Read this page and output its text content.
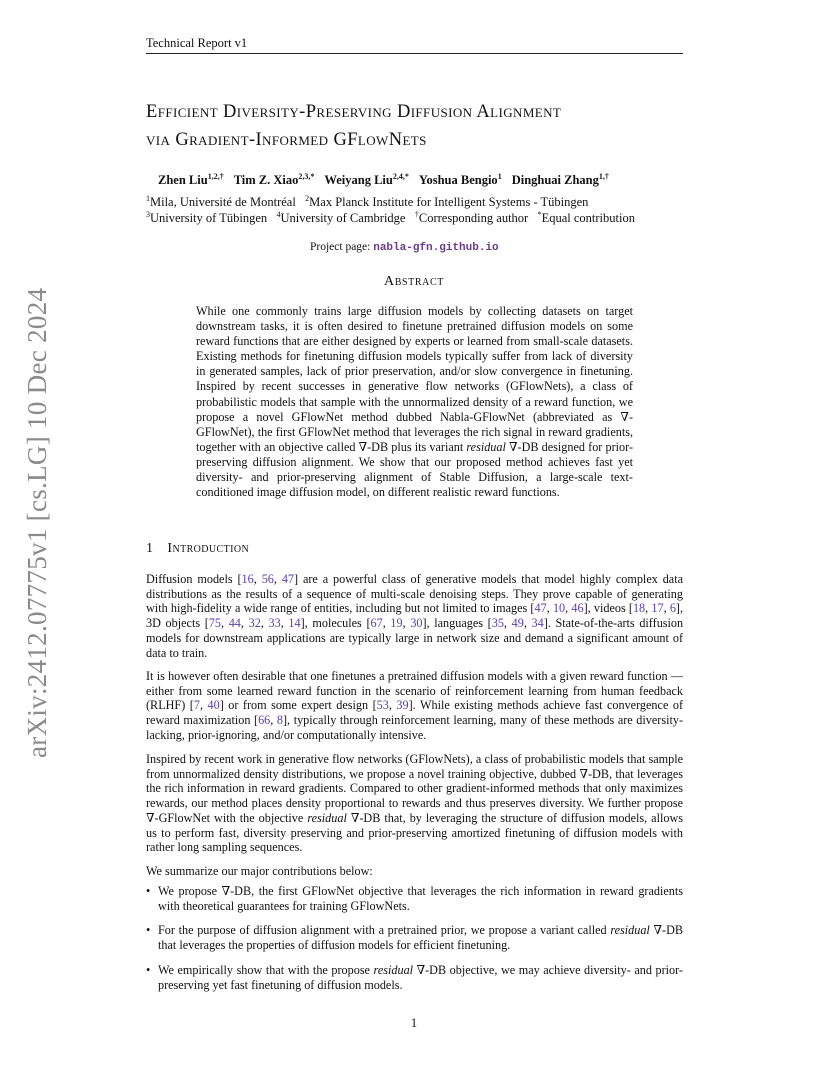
Technical Report v1
arXiv:2412.07775v1 [cs.LG] 10 Dec 2024
Efficient Diversity-Preserving Diffusion Alignment
via Gradient-Informed GFlowNets
Zhen Liu$^{1,2,\dagger}$ Tim Z. Xiao$^{2,3,*}$ Weiyang Liu$^{2,4,*}$ Yoshua Bengio$^1$ Dinghuai Zhang$^{1,\dagger}$
$^1$Mila, Université de Montréal $^2$Max Planck Institute for Intelligent Systems - Tübingen
$^3$University of Tübingen $^4$University of Cambridge †Corresponding author *Equal contribution
Project page: nabla-gfn.github.io
Abstract
While one commonly trains large diffusion models by collecting datasets on target downstream tasks, it is often desired to finetune pretrained diffusion models on some reward functions that are either designed by experts or learned from small-scale datasets. Existing methods for finetuning diffusion models typically suffer from lack of diversity in generated samples, lack of prior preservation, and/or slow convergence in finetuning. Inspired by recent successes in generative flow networks (GFlowNets), a class of probabilistic models that sample with the unnormalized density of a reward function, we propose a novel GFlowNet method dubbed Nabla-GFlowNet (abbreviated as ∇-GFlowNet), the first GFlowNet method that leverages the rich signal in reward gradients, together with an objective called ∇-DB plus its variant residual ∇-DB designed for prior-preserving diffusion alignment. We show that our proposed method achieves fast yet diversity- and prior-preserving alignment of Stable Diffusion, a large-scale text-conditioned image diffusion model, on different realistic reward functions.
1 Introduction

Diffusion models [16, 56, 47] are a powerful class of generative models that model highly complex data distributions as the results of a sequence of multi-scale denoising steps. They prove capable of generating with high-fidelity a wide range of entities, including but not limited to images [47, 10, 46], videos [18, 17, 6], 3D objects [75, 44, 32, 33, 14], molecules [67, 19, 30], languages [35, 49, 34]. State-of-the-arts diffusion models for downstream applications are typically large in network size and demand a significant amount of data to train.

It is however often desirable that one finetunes a pretrained diffusion models with a given reward function — either from some learned reward function in the scenario of reinforcement learning from human feedback (RLHF) [7, 40] or from some expert design [53, 39]. While existing methods achieve fast convergence of reward maximization [66, 8], typically through reinforcement learning, many of these methods are diversity-lacking, prior-ignoring, and/or computationally intensive.

Inspired by recent work in generative flow networks (GFlowNets), a class of probabilistic models that sample from unnormalized density distributions, we propose a novel training objective, dubbed ∇-DB, that leverages the rich information in reward gradients. Compared to other gradient-informed methods that only maximizes rewards, our method places density proportional to rewards and thus preserves diversity. We further propose ∇-GFlowNet with the objective residual ∇-DB that, by leveraging the structure of diffusion models, allows us to perform fast, diversity preserving and prior-preserving amortized finetuning of diffusion models with rather long sampling sequences.

We summarize our major contributions below:

• We propose ∇-DB, the first GFlowNet objective that leverages the rich information in reward gradients with theoretical guarantees for training GFlowNets.
• For the purpose of diffusion alignment with a pretrained prior, we propose a variant called residual ∇-DB that leverages the properties of diffusion models for efficient finetuning.
• We empirically show that with the propose residual ∇-DB objective, we may achieve diversity- and prior-preserving yet fast finetuning of diffusion models.
1
